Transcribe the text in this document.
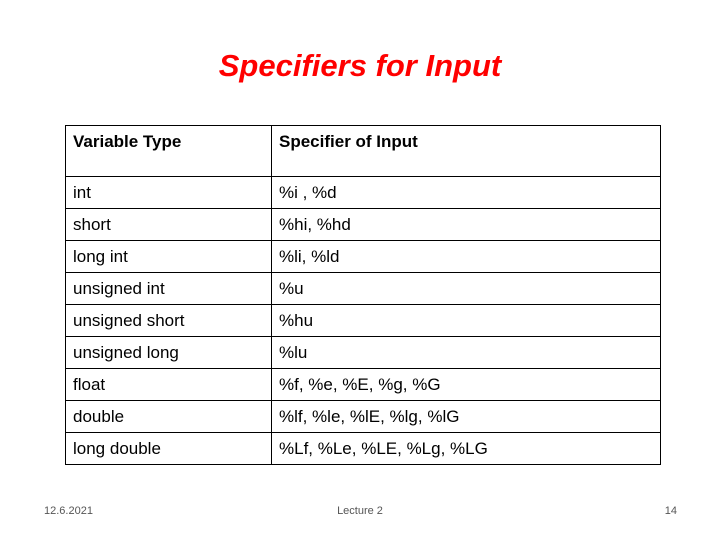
Specifiers for Input
Variable Type	Specifier of Input
int	%i , %d
short	%hi, %hd
long int	%li, %ld
unsigned int	%u
unsigned short	%hu
unsigned long	%lu
float	%f, %e, %E, %g, %G
double	%lf, %le, %lE, %lg, %lG
long double	%Lf, %Le, %LE, %Lg, %LG
12.6.2021	Lecture 2	14
